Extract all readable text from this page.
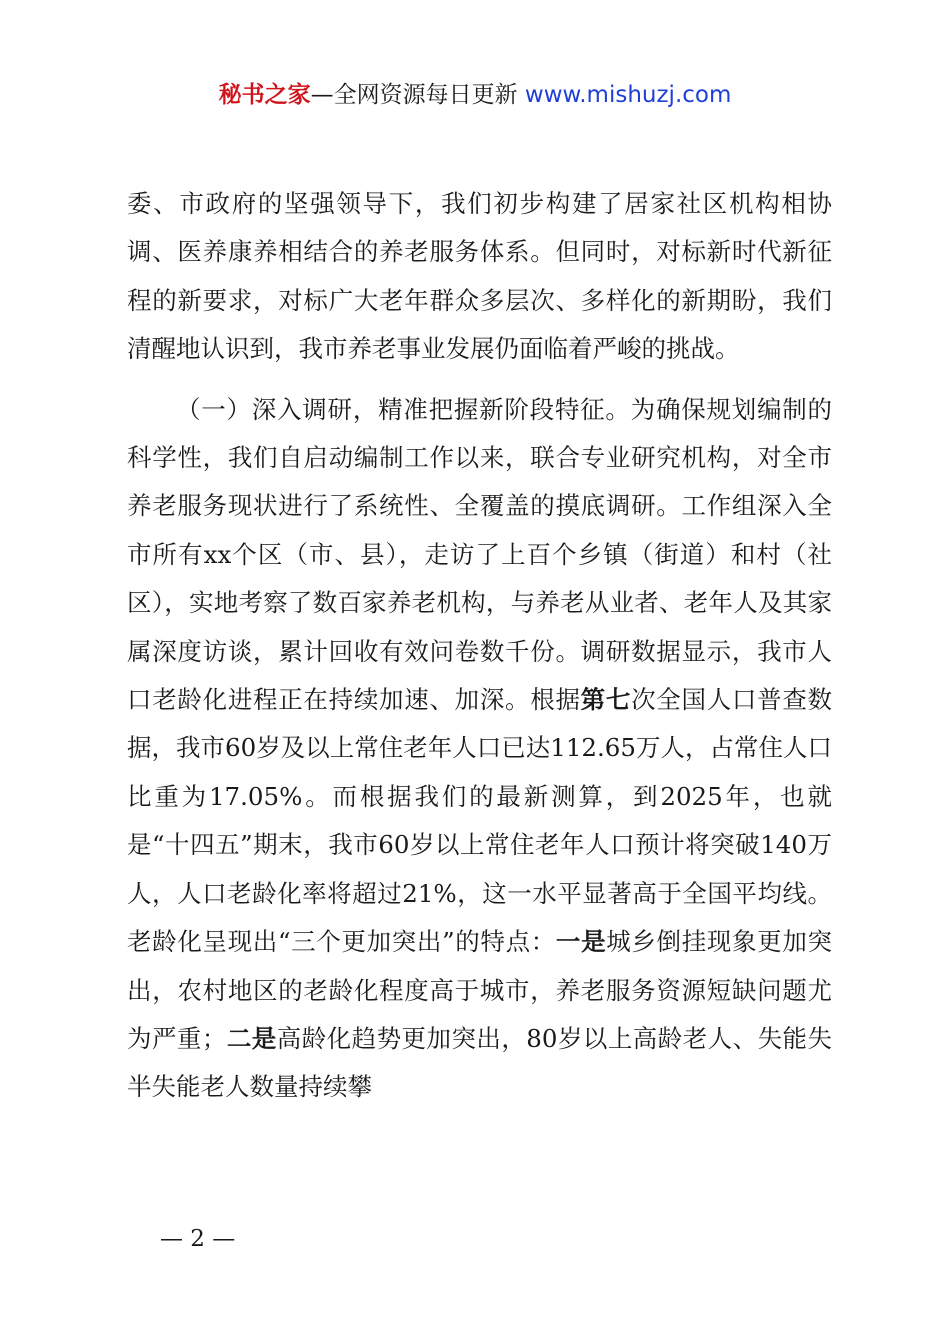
秘书之家—全网资源每日更新 www.mishuzj.com

委、市政府的坚强领导下，我们初步构建了居家社区机构相协调、医养康养相结合的养老服务体系。但同时，对标新时代新征程的新要求，对标广大老年群众多层次、多样化的新期盼，我们清醒地认识到，我市养老事业发展仍面临着严峻的挑战。

（一）深入调研，精准把握新阶段特征。为确保规划编制的科学性，我们自启动编制工作以来，联合专业研究机构，对全市养老服务现状进行了系统性、全覆盖的摸底调研。工作组深入全市所有xx个区（市、县），走访了上百个乡镇（街道）和村（社区），实地考察了数百家养老机构，与养老从业者、老年人及其家属深度访谈，累计回收有效问卷数千份。调研数据显示，我市人口老龄化进程正在持续加速、加深。根据第七次全国人口普查数据，我市60岁及以上常住老年人口已达112.65万人，占常住人口比重为17.05%。而根据我们的最新测算，到2025年，也就是“十四五”期末，我市60岁以上常住老年人口预计将突破140万人，人口老龄化率将超过21%，这一水平显著高于全国平均线。老龄化呈现出“三个更加突出”的特点：一是城乡倒挂现象更加突出，农村地区的老龄化程度高于城市，养老服务资源短缺问题尤为严重；二是高龄化趋势更加突出，80岁以上高龄老人、失能失半失能老人数量持续攀

— 2 —
